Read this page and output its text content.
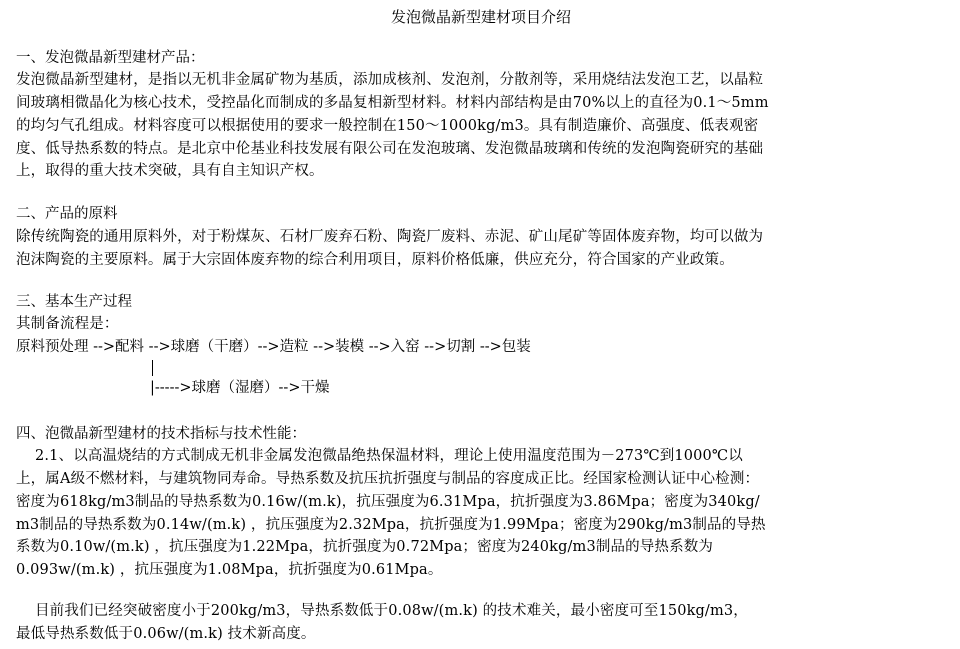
发泡微晶新型建材项目介绍
一、发泡微晶新型建材产品：
发泡微晶新型建材，是指以无机非金属矿物为基质，添加成核剂、发泡剂，分散剂等，采用烧结法发泡工艺，以晶粒
间玻璃相微晶化为核心技术，受控晶化而制成的多晶复相新型材料。材料内部结构是由70%以上的直径为0.1～5mm
的均匀气孔组成。材料容度可以根据使用的要求一般控制在150～1000kg/m3。具有制造廉价、高强度、低表观密
度、低导热系数的特点。是北京中伦基业科技发展有限公司在发泡玻璃、发泡微晶玻璃和传统的发泡陶瓷研究的基础
上，取得的重大技术突破，具有自主知识产权。
二、产品的原料
除传统陶瓷的通用原料外，对于粉煤灰、石材厂废弃石粉、陶瓷厂废料、赤泥、矿山尾矿等固体废弃物，均可以做为
泡沫陶瓷的主要原料。属于大宗固体废弃物的综合利用项目，原料价格低廉，供应充分，符合国家的产业政策。
三、基本生产过程
其制备流程是：
原料预处理 -->配料 -->球磨（干磨）-->造粒 -->装模 -->入窑 -->切割 -->包装
|----->球磨（湿磨）-->干燥
四、泡微晶新型建材的技术指标与技术性能：
2.1、以高温烧结的方式制成无机非金属发泡微晶绝热保温材料，理论上使用温度范围为－273℃到1000℃以
上，属A级不燃材料，与建筑物同寿命。导热系数及抗压抗折强度与制品的容度成正比。经国家检测认证中心检测：
密度为618kg/m3制品的导热系数为0.16w/(m.k)，抗压强度为6.31Mpa，抗折强度为3.86Mpa；密度为340kg/
m3制品的导热系数为0.14w/(m.k) ，抗压强度为2.32Mpa，抗折强度为1.99Mpa；密度为290kg/m3制品的导热
系数为0.10w/(m.k) ，抗压强度为1.22Mpa，抗折强度为0.72Mpa；密度为240kg/m3制品的导热系数为
0.093w/(m.k) ，抗压强度为1.08Mpa，抗折强度为0.61Mpa。
目前我们已经突破密度小于200kg/m3，导热系数低于0.08w/(m.k) 的技术难关，最小密度可至150kg/m3，
最低导热系数低于0.06w/(m.k) 技术新高度。
